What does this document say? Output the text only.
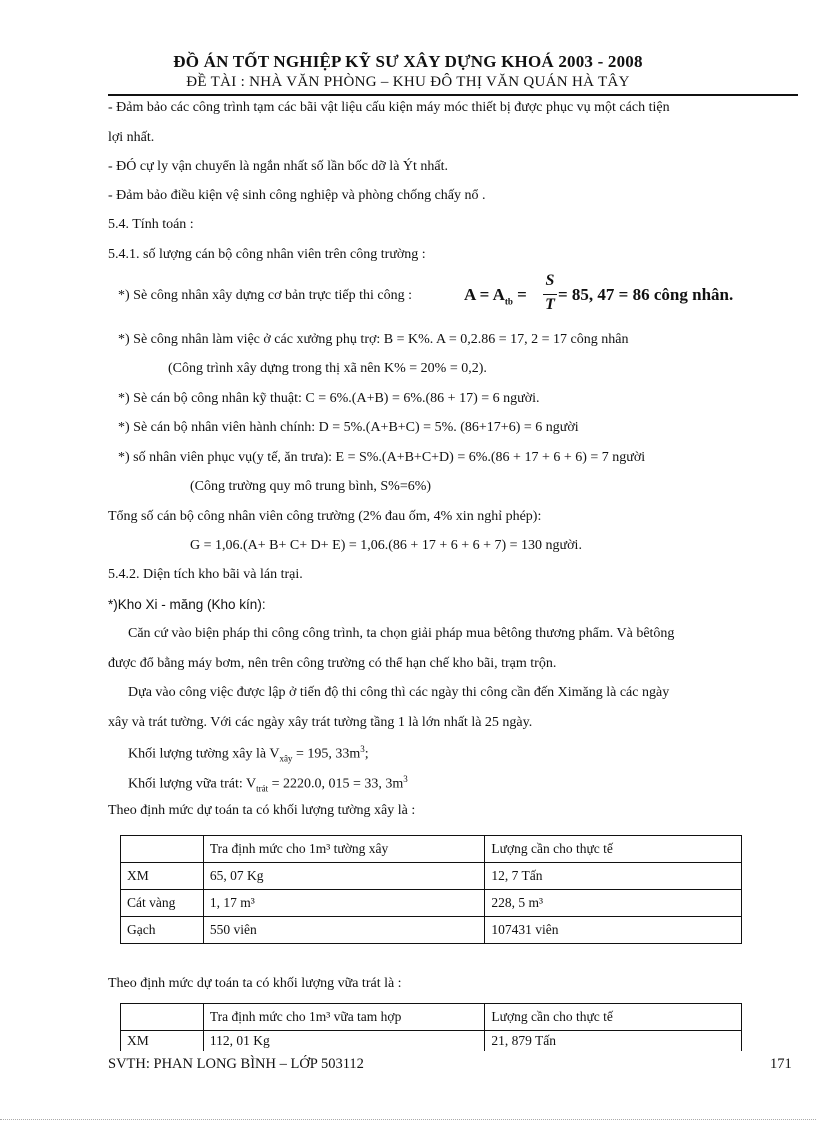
ĐỒ ÁN TỐT NGHIỆP KỸ SƯ XÂY DỰNG KHOÁ 2003 - 2008
ĐỀ TÀI : NHÀ VĂN PHÒNG – KHU ĐÔ THỊ VĂN QUÁN HÀ TÂY
- Đảm bảo các công trình tạm các bãi vật liệu cấu kiện máy móc thiết bị được phục vụ một cách tiện
lợi nhất.
- ĐÓ cự ly vận chuyển là ngắn nhất số lần bốc dỡ là Ýt nhất.
- Đảm bảo điều kiện vệ sinh công nghiệp và phòng chống chấy nổ .
5.4. Tính toán :
5.4.1. số lượng cán bộ công nhân viên trên công trường :
*) Sè công nhân xây dựng cơ bản trực tiếp thi công :	$A = A_{tb}$ =
S
T
= 85, 47 = 86 công nhân.
*) Sè công nhân làm việc ở các xưởng phụ trợ: B = K%. A = 0,2.86 = 17, 2 = 17 công nhân
(Công trình xây dựng trong thị xã nên K% = 20% = 0,2).
*) Sè cán bộ công nhân kỹ thuật: C = 6%.(A+B) = 6%.(86 + 17) = 6 người.
*) Sè cán bộ nhân viên hành chính: D = 5%.(A+B+C) = 5%. (86+17+6) = 6 người
*) số nhân viên phục vụ(y tế, ăn trưa): E = S%.(A+B+C+D) = 6%.(86 + 17 + 6 + 6) = 7 người
(Công trường quy mô trung bình, S%=6%)
Tổng số cán bộ công nhân viên công trường (2% đau ốm, 4% xin nghỉ phép):
G = 1,06.(A+ B+ C+ D+ E) = 1,06.(86 + 17 + 6 + 6 + 7) = 130 người.
5.4.2. Diện tích kho bãi và lán trại.
*)Kho Xi - măng (Kho kín):
Căn cứ vào biện pháp thi công công trình, ta chọn giải pháp mua bêtông thương phẩm. Và bêtông
được đổ bằng máy bơm, nên trên công trường có thể hạn chế kho bãi, trạm trộn.
Dựa vào công việc được lập ở tiến độ thi công thì các ngày thi công cần đến Ximăng là các ngày
xây và trát tường. Với các ngày xây trát tường tầng 1 là lớn nhất là 25 ngày.
Khối lượng tường xây là $V_{xây} = 195$, $33m^3$;
Khối lượng vữa trát: $V_{trát} = 2220.0$, 015 = 33, $3m^3$
Theo định mức dự toán ta có khối lượng tường xây là :
	Tra định mức cho 1m³ tường xây	Lượng cần cho thực tế
XM	65, 07 Kg	12, 7 Tấn
Cát vàng	1, 17 m³	228, 5 m³
Gạch	550 viên	107431 viên
Theo định mức dự toán ta có khối lượng vữa trát là :
	Tra định mức cho 1m³ vữa tam hợp	Lượng cần cho thực tế
XM	112, 01 Kg	21, 879 Tấn
SVTH: PHAN LONG BÌNH – LỚP 503112	171
